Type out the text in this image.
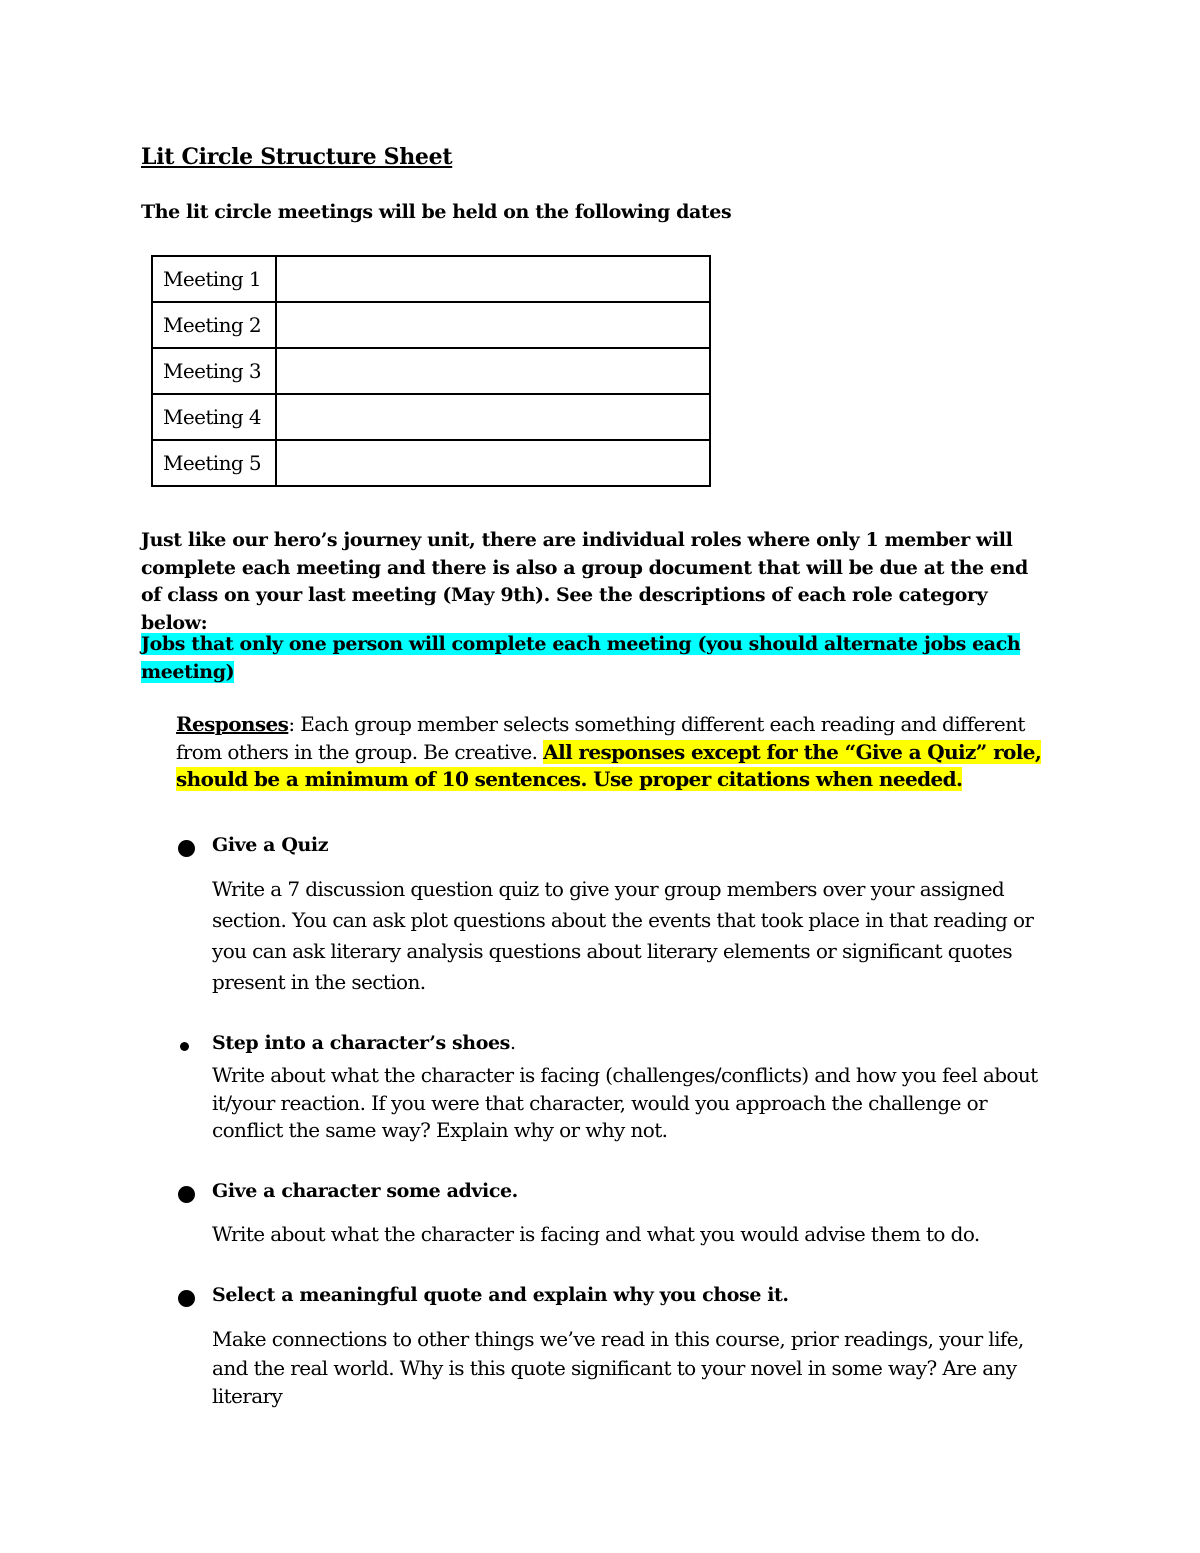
Lit Circle Structure Sheet
The lit circle meetings will be held on the following dates
Meeting 1	
Meeting 2	
Meeting 3	
Meeting 4	
Meeting 5	
Just like our hero’s journey unit, there are individual roles where only 1 member will complete each meeting and there is also a group document that will be due at the end of class on your last meeting (May 9th). See the descriptions of each role category below:
Jobs that only one person will complete each meeting (you should alternate jobs each meeting)
Responses: Each group member selects something different each reading and different from others in the group. Be creative. All responses except for the “Give a Quiz” role, should be a minimum of 10 sentences. Use proper citations when needed.
Give a Quiz
Write a 7 discussion question quiz to give your group members over your assigned section. You can ask plot questions about the events that took place in that reading or you can ask literary analysis questions about literary elements or significant quotes present in the section.
Step into a character’s shoes.
Write about what the character is facing (challenges/conflicts) and how you feel about it/your reaction. If you were that character, would you approach the challenge or conflict the same way? Explain why or why not.
Give a character some advice.
Write about what the character is facing and what you would advise them to do.
Select a meaningful quote and explain why you chose it.
Make connections to other things we’ve read in this course, prior readings, your life, and the real world. Why is this quote significant to your novel in some way? Are any literary
